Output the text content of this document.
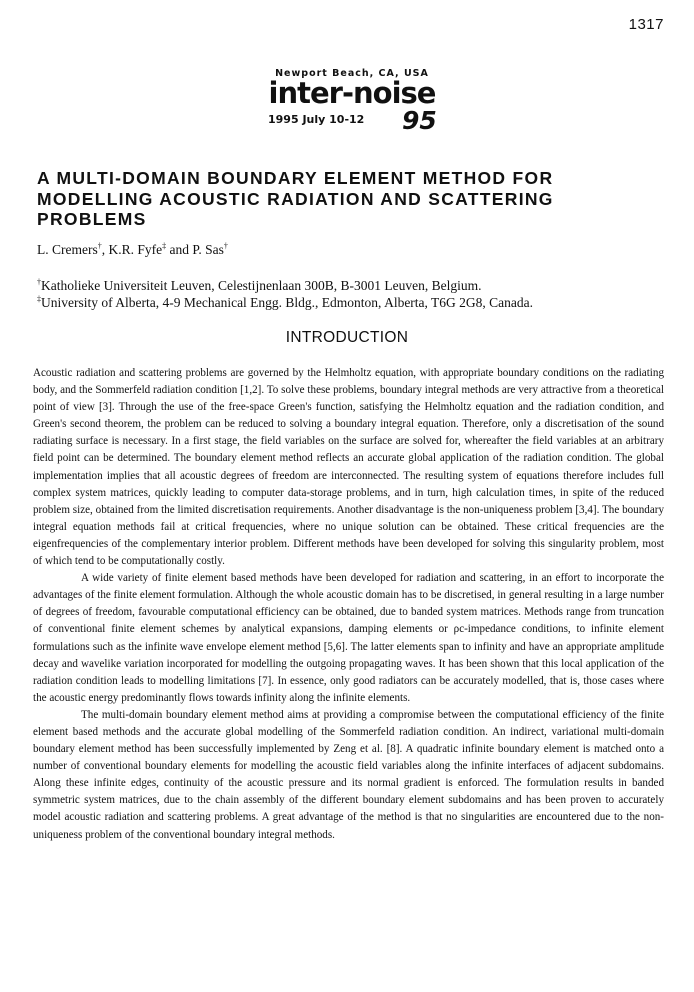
1317
Newport Beach, CA, USA
inter-noise
1995 July 10-12 95
A MULTI-DOMAIN BOUNDARY ELEMENT METHOD FOR MODELLING ACOUSTIC RADIATION AND SCATTERING PROBLEMS
L. Cremers†, K.R. Fyfe‡ and P. Sas†
†Katholieke Universiteit Leuven, Celestijnenlaan 300B, B-3001 Leuven, Belgium.
‡University of Alberta, 4-9 Mechanical Engg. Bldg., Edmonton, Alberta, T6G 2G8, Canada.
INTRODUCTION

Acoustic radiation and scattering problems are governed by the Helmholtz equation, with appropriate boundary conditions on the radiating body, and the Sommerfeld radiation condition [1,2]. To solve these problems, boundary integral methods are very attractive from a theoretical point of view [3]. Through the use of the free-space Green's function, satisfying the Helmholtz equation and the radiation condition, and Green's second theorem, the problem can be reduced to solving a boundary integral equation. Therefore, only a discretisation of the sound radiating surface is necessary. In a first stage, the field variables on the surface are solved for, whereafter the field variables at an arbitrary field point can be determined. The boundary element method reflects an accurate global application of the radiation condition. The global implementation implies that all acoustic degrees of freedom are interconnected. The resulting system of equations therefore includes full complex system matrices, quickly leading to computer data-storage problems, and in turn, high calculation times, in spite of the reduced problem size, obtained from the limited discretisation requirements. Another disadvantage is the non-uniqueness problem [3,4]. The boundary integral equation methods fail at critical frequencies, where no unique solution can be obtained. These critical frequencies are the eigenfrequencies of the complementary interior problem. Different methods have been developed for solving this singularity problem, most of which tend to be computationally costly.

A wide variety of finite element based methods have been developed for radiation and scattering, in an effort to incorporate the advantages of the finite element formulation. Although the whole acoustic domain has to be discretised, in general resulting in a large number of degrees of freedom, favourable computational efficiency can be obtained, due to banded system matrices. Methods range from truncation of conventional finite element schemes by analytical expansions, damping elements or ρc-impedance conditions, to infinite element formulations such as the infinite wave envelope element method [5,6]. The latter elements span to infinity and have an appropriate amplitude decay and wavelike variation incorporated for modelling the outgoing propagating waves. It has been shown that this local application of the radiation condition leads to modelling limitations [7]. In essence, only good radiators can be accurately modelled, that is, those cases where the acoustic energy predominantly flows towards infinity along the infinite elements.

The multi-domain boundary element method aims at providing a compromise between the computational efficiency of the finite element based methods and the accurate global modelling of the Sommerfeld radiation condition. An indirect, variational multi-domain boundary element method has been successfully implemented by Zeng et al. [8]. A quadratic infinite boundary element is matched onto a number of conventional boundary elements for modelling the acoustic field variables along the infinite interfaces of adjacent subdomains. Along these infinite edges, continuity of the acoustic pressure and its normal gradient is enforced. The formulation results in banded symmetric system matrices, due to the chain assembly of the different boundary element subdomains and has been proven to accurately model acoustic radiation and scattering problems. A great advantage of the method is that no singularities are encountered due to the non-uniqueness problem of the conventional boundary integral methods.
